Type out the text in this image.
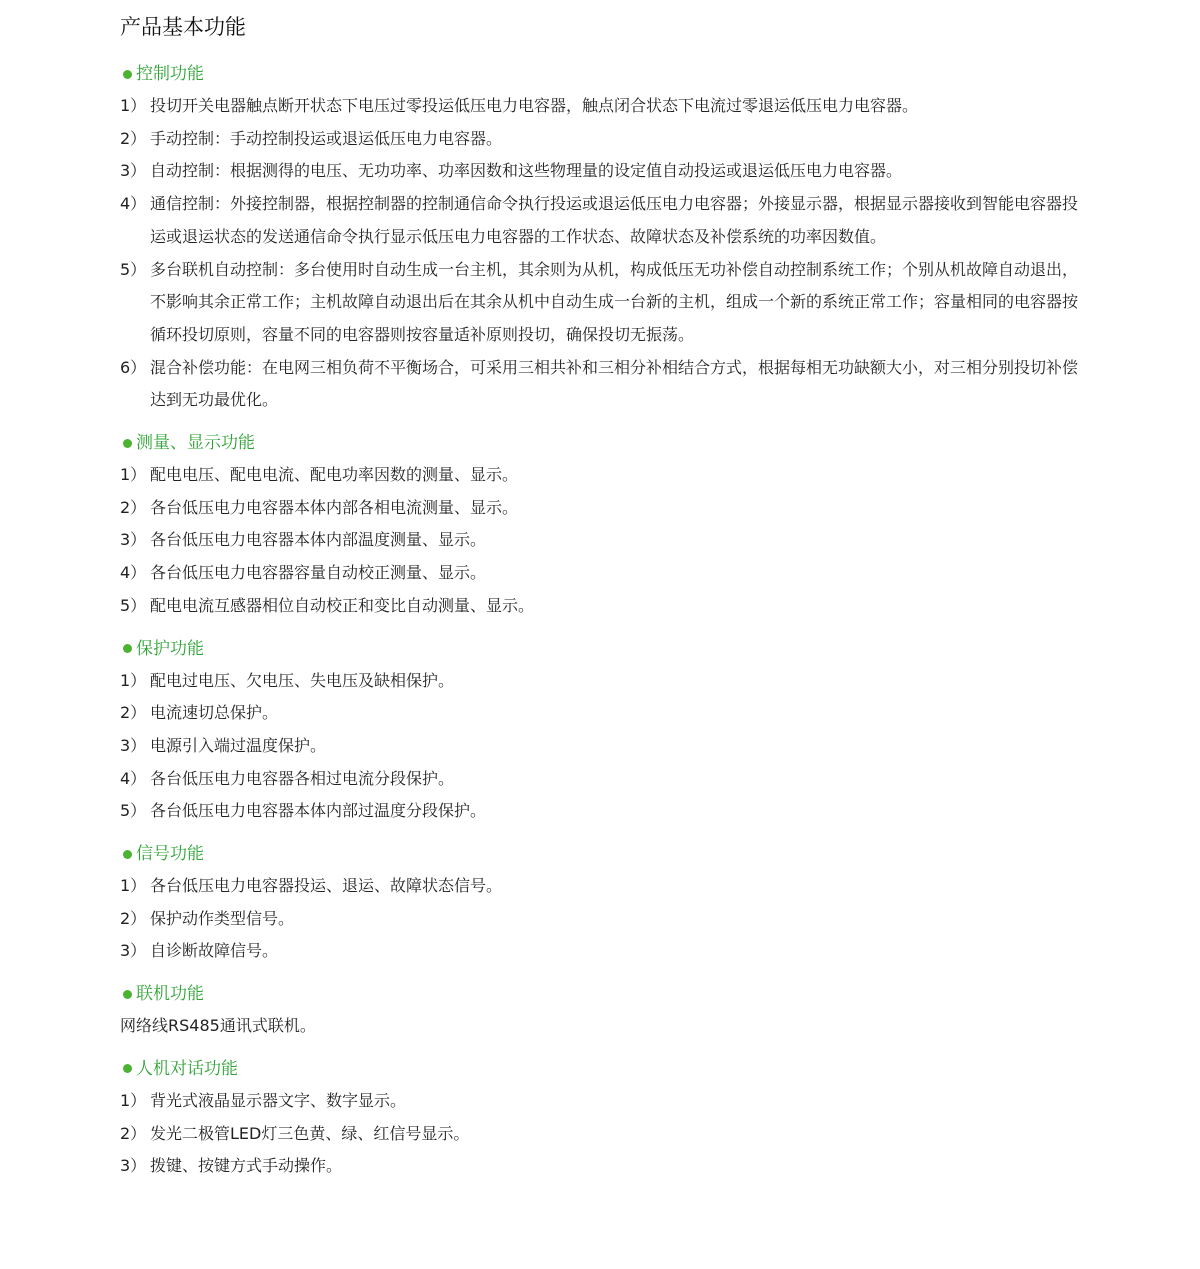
产品基本功能
控制功能
1） 投切开关电器触点断开状态下电压过零投运低压电力电容器，触点闭合状态下电流过零退运低压电力电容器。
2） 手动控制：手动控制投运或退运低压电力电容器。
3） 自动控制：根据测得的电压、无功功率、功率因数和这些物理量的设定值自动投运或退运低压电力电容器。
4） 通信控制：外接控制器，根据控制器的控制通信命令执行投运或退运低压电力电容器；外接显示器，根据显示器接收到智能电容器投运或退运状态的发送通信命令执行显示低压电力电容器的工作状态、故障状态及补偿系统的功率因数值。
5） 多台联机自动控制：多台使用时自动生成一台主机，其余则为从机，构成低压无功补偿自动控制系统工作；个别从机故障自动退出，不影响其余正常工作；主机故障自动退出后在其余从机中自动生成一台新的主机，组成一个新的系统正常工作；容量相同的电容器按循环投切原则，容量不同的电容器则按容量适补原则投切，确保投切无振荡。
6） 混合补偿功能：在电网三相负荷不平衡场合，可采用三相共补和三相分补相结合方式，根据每相无功缺额大小，对三相分别投切补偿达到无功最优化。
测量、显示功能
1） 配电电压、配电电流、配电功率因数的测量、显示。
2） 各台低压电力电容器本体内部各相电流测量、显示。
3） 各台低压电力电容器本体内部温度测量、显示。
4） 各台低压电力电容器容量自动校正测量、显示。
5） 配电电流互感器相位自动校正和变比自动测量、显示。
保护功能
1） 配电过电压、欠电压、失电压及缺相保护。
2） 电流速切总保护。
3） 电源引入端过温度保护。
4） 各台低压电力电容器各相过电流分段保护。
5） 各台低压电力电容器本体内部过温度分段保护。
信号功能
1） 各台低压电力电容器投运、退运、故障状态信号。
2） 保护动作类型信号。
3） 自诊断故障信号。
联机功能

网络线RS485通讯式联机。

人机对话功能
1） 背光式液晶显示器文字、数字显示。
2） 发光二极管LED灯三色黄、绿、红信号显示。
3） 拨键、按键方式手动操作。
